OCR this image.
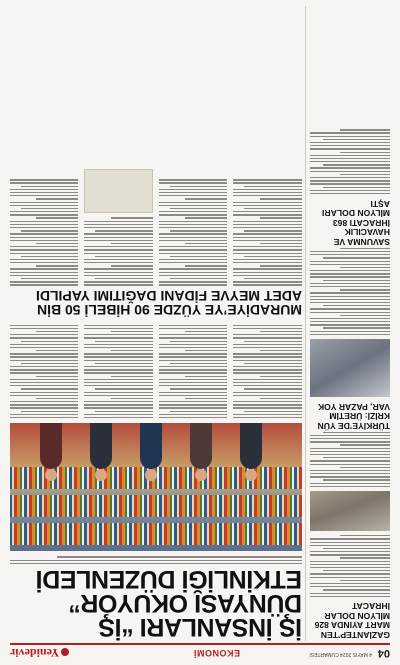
04
4 MAYIS 2024 CUMARTESİ
EKONOMİ
Yenidevir
GAZİANTEP’TEN MART AYINDA 826 MİLYON DOLAR İHRACAT
TÜRKİYE’DE YÜN KRİZİ: ÜRETİM VAR, PAZAR YOK
SAVUNMA VE HAVACILIK İHRACATI 863 MİLYON DOLARI AŞTI
İŞ İNSANLARI “İŞ
DÜNYASI OKUYOR”
ETKİNLİĞİ DÜZENLEDİ
MURADİYE’YE YÜZDE 90 HİBELİ 50 BİN ADET MEYVE FİDANI DAĞITIMI YAPILDI
